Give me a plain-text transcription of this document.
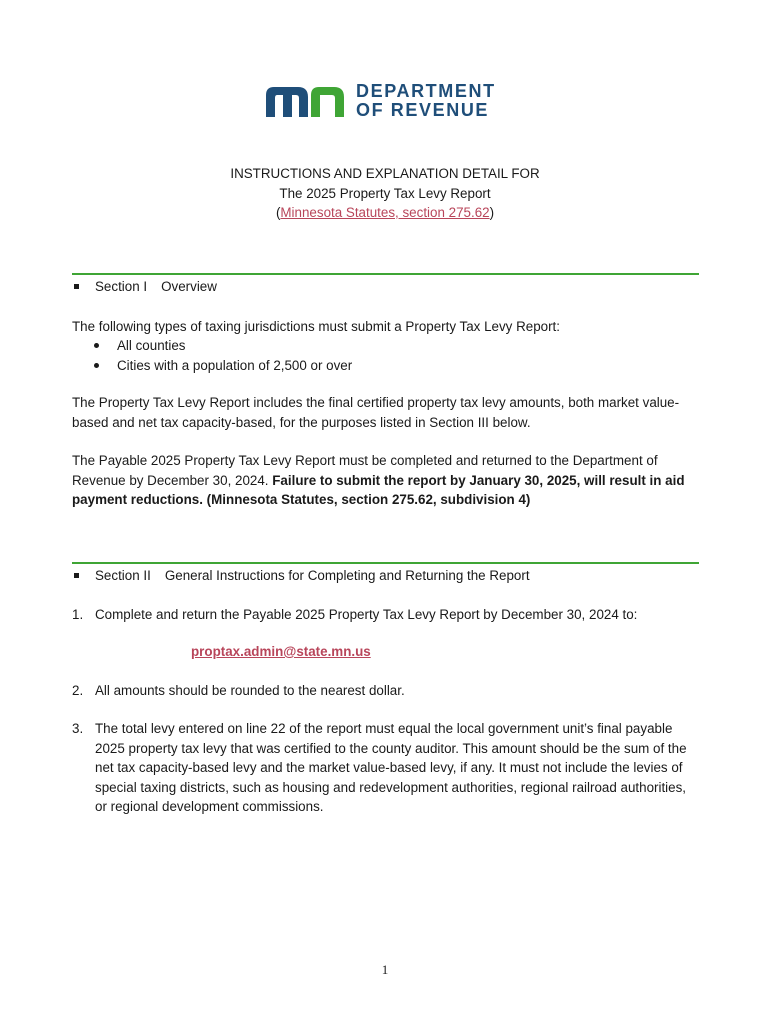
DEPARTMENT
OF REVENUE
INSTRUCTIONS AND EXPLANATION DETAIL FOR
The 2025 Property Tax Levy Report
(Minnesota Statutes, section 275.62)
Section I Overview
The following types of taxing jurisdictions must submit a Property Tax Levy Report:
All counties
Cities with a population of 2,500 or over
The Property Tax Levy Report includes the final certified property tax levy amounts, both market value-based and net tax capacity-based, for the purposes listed in Section III below.
The Payable 2025 Property Tax Levy Report must be completed and returned to the Department of Revenue by December 30, 2024. Failure to submit the report by January 30, 2025, will result in aid payment reductions. (Minnesota Statutes, section 275.62, subdivision 4)
Section II General Instructions for Completing and Returning the Report
1. Complete and return the Payable 2025 Property Tax Levy Report by December 30, 2024 to:
proptax.admin@state.mn.us
2. All amounts should be rounded to the nearest dollar.
3. The total levy entered on line 22 of the report must equal the local government unit’s final payable 2025 property tax levy that was certified to the county auditor. This amount should be the sum of the net tax capacity-based levy and the market value-based levy, if any. It must not include the levies of special taxing districts, such as housing and redevelopment authorities, regional railroad authorities, or regional development commissions.
1
